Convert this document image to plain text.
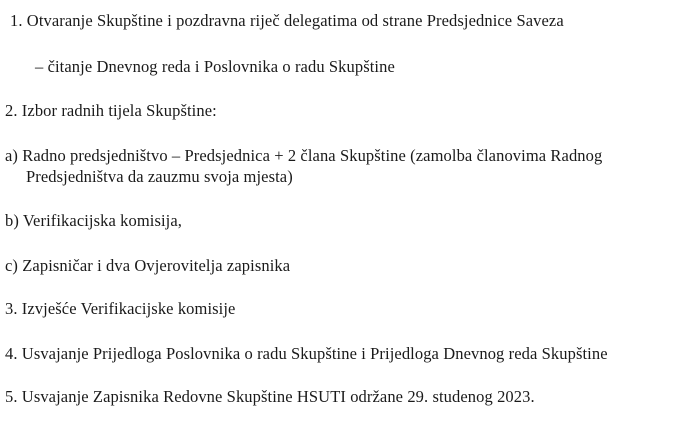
1. Otvaranje Skupštine i pozdravna riječ delegatima od strane Predsjednice Saveza
– čitanje Dnevnog reda i Poslovnika o radu Skupštine
2. Izbor radnih tijela Skupštine:
a) Radno predsjedništvo – Predsjednica + 2 člana Skupštine (zamolba članovima Radnog
Predsjedništva da zauzmu svoja mjesta)
b) Verifikacijska komisija,
c) Zapisničar i dva Ovjerovitelja zapisnika
3. Izvješće Verifikacijske komisije
4. Usvajanje Prijedloga Poslovnika o radu Skupštine i Prijedloga Dnevnog reda Skupštine
5. Usvajanje Zapisnika Redovne Skupštine HSUTI održane 29. studenog 2023.
